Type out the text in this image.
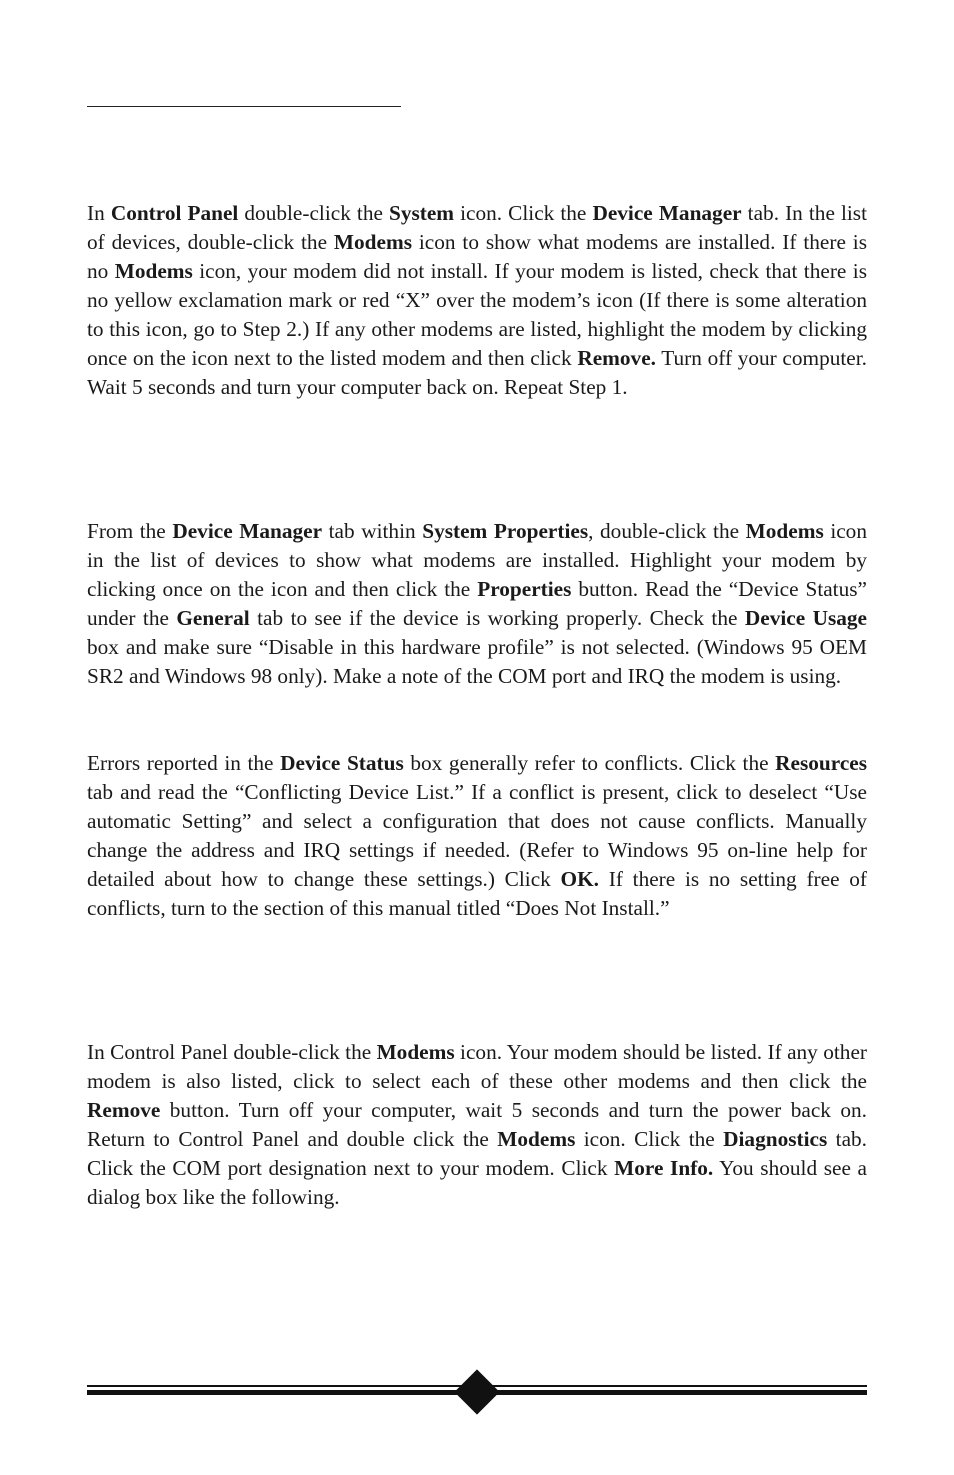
In Control Panel double-click the System icon. Click the Device Manager tab. In the list of devices, double-click the Modems icon to show what modems are installed. If there is no Modems icon, your modem did not install. If your modem is listed, check that there is no yellow exclamation mark or red “X” over the modem’s icon (If there is some alteration to this icon, go to Step 2.) If any other modems are listed, highlight the modem by clicking once on the icon next to the listed modem and then click Remove. Turn off your computer. Wait 5 seconds and turn your computer back on. Repeat Step 1.

From the Device Manager tab within System Properties, double-click the Modems icon in the list of devices to show what modems are installed. Highlight your modem by clicking once on the icon and then click the Properties button. Read the “Device Status” under the General tab to see if the device is working properly. Check the Device Usage box and make sure “Disable in this hardware profile” is not selected. (Windows 95 OEM SR2 and Windows 98 only). Make a note of the COM port and IRQ the modem is using.

Errors reported in the Device Status box generally refer to conflicts. Click the Resources tab and read the “Conflicting Device List.” If a conflict is present, click to deselect “Use automatic Setting” and select a configuration that does not cause conflicts. Manually change the address and IRQ settings if needed. (Refer to Windows 95 on-line help for detailed about how to change these settings.) Click OK. If there is no setting free of conflicts, turn to the section of this manual titled “Does Not Install.”

In Control Panel double-click the Modems icon. Your modem should be listed. If any other modem is also listed, click to select each of these other modems and then click the Remove button. Turn off your computer, wait 5 seconds and turn the power back on. Return to Control Panel and double click the Modems icon. Click the Diagnostics tab. Click the COM port designation next to your modem. Click More Info. You should see a dialog box like the following.
